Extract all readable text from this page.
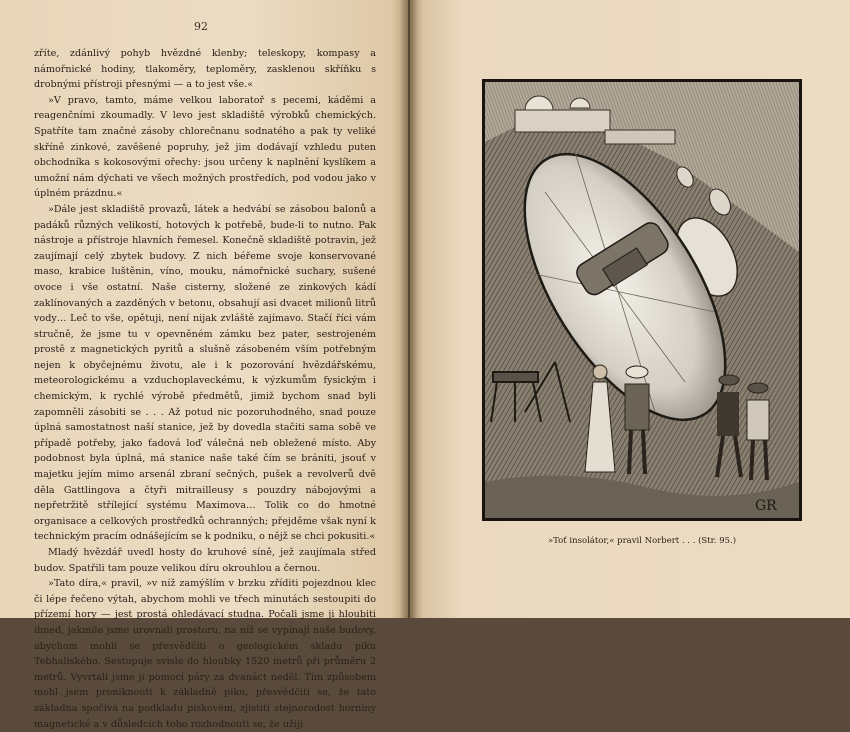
92

zříte, zdánlivý pohyb hvězdné klenby; teleskopy, kompasy a námořnické hodiny, tlakoměry, teploměry, zasklenou skříňku s drobnými přístroji přesnými — a to jest vše.«

»V pravo, tamto, máme velkou laboratoř s pecemi, káděmi a reagenčními zkoumadly. V levo jest skladiště výrobků chemických. Spatříte tam značné zásoby chlorečnanu sodnatého a pak ty veliké skříně zinkové, zavěšené popruhy, jež jim dodávají vzhledu puten obchodníka s kokosovými ořechy: jsou určeny k naplnění kyslíkem a umožní nám dýchati ve všech možných prostředích, pod vodou jako v úplném prázdnu.«

»Dále jest skladiště provazů, látek a hedvábí se zásobou balonů a padáků různých velikostí, hotových k potřebě, bude-li to nutno. Pak nástroje a přístroje hlavních řemesel. Konečně skladiště potravin, jež zaujímají celý zbytek budovy. Z nich béřeme svoje konservované maso, krabice luštěnin, víno, mouku, námořnické suchary, sušené ovoce i vše ostatní. Naše cisterny, složené ze zinkových kádí zaklínovaných a zazděných v betonu, obsahují asi dvacet milionů litrů vody… Leč to vše, opětuji, není nijak zvláště zajímavo. Stačí říci vám stručně, že jsme tu v opevněném zámku bez pater, sestrojeném prostě z magnetických pyritů a slušně zásobeném vším potřebným nejen k obyčejnému životu, ale i k pozorování hvězdářskému, meteorologickému a vzduchoplaveckému, k výzkumům fysickým i chemickým, k rychlé výrobě předmětů, jimiž bychom snad byli zapomněli zásobiti se . . . Až potud nic pozoruhodného, snad pouze úplná samostatnost naší stanice, jež by dovedla stačiti sama sobě ve případě potřeby, jako ťadová loď válečná neb obležené místo. Aby podobnost byla úplná, má stanice naše také čím se brániti, jsouť v majetku jejím mimo arsenál zbraní sečných, pušek a revolverů dvě děla Gattlingova a čtyři mitrailleusy s pouzdry nábojovými a nepřetržitě střílející systému Maximova… Tolik co do hmotné organisace a celkových prostředků ochranných; přejděme však nyní k technickým pracím odnášejícím se k podniku, o nějž se chci pokusiti.«

Mladý hvězdář uvedl hosty do kruhové síně, jež zaujímala střed budov. Spatřili tam pouze velikou díru okrouhlou a černou.

»Tato díra,« pravil, »v níž zamýšlím v brzku zříditi pojezdnou klec či lépe řečeno výtah, abychom mohli ve třech minutách sestoupiti do přízemí hory — jest prostá ohledávací studna. Počali jsme ji hloubiti ihned, jakmile jsme urovnali prostoru, na níž se vypínají naše budovy, abychom mohli se přesvědčiti o geologickém skladu piku Tebhaliského. Sestupuje svisle do hloubky 1520 metrů při průměru 2 metrů. Vyvrtali jsme ji pomocí páry za dvanáct neděl. Tím způsobem mohl jsem proniknouti k základně piku, přesvědčiti se, že tato základna spočívá na podkladu pískovém, zjistiti stejnorodost horniny magnetické a v důsledcích toho rozhodnouti se, že užiji

GR
»Toť insolátor,« pravil Norbert . . . (Str. 95.)
